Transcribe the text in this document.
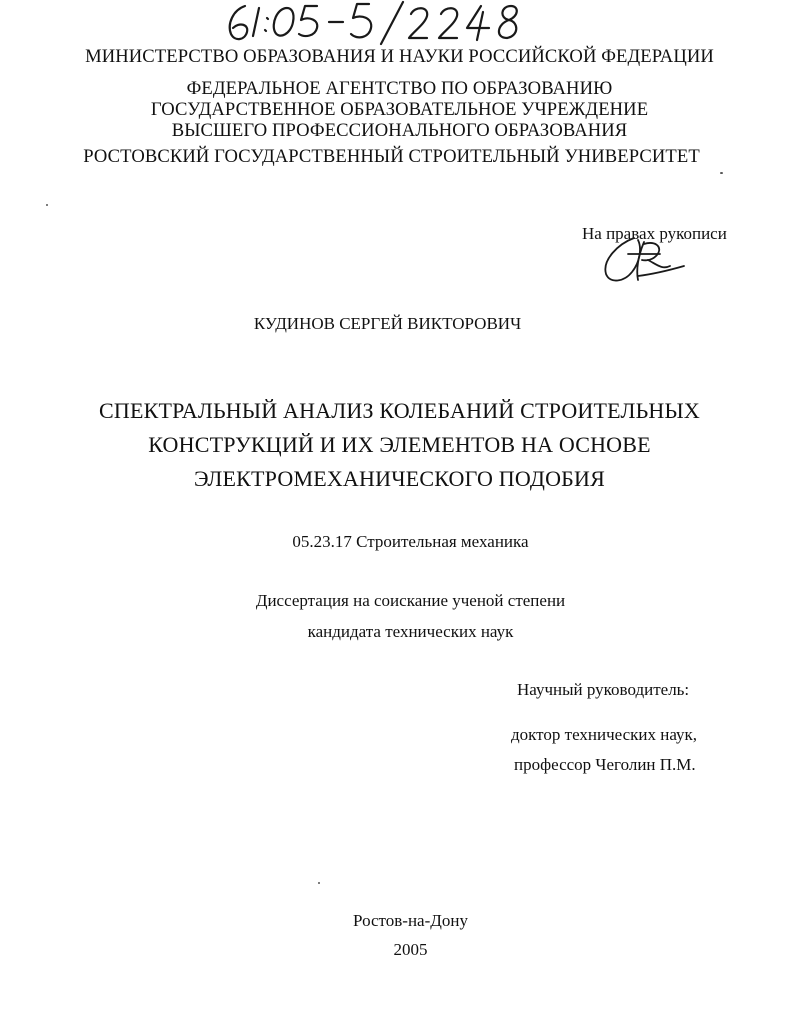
МИНИСТЕРСТВО ОБРАЗОВАНИЯ И НАУКИ РОССИЙСКОЙ ФЕДЕРАЦИИ
ФЕДЕРАЛЬНОЕ АГЕНТСТВО ПО ОБРАЗОВАНИЮ
ГОСУДАРСТВЕННОЕ ОБРАЗОВАТЕЛЬНОЕ УЧРЕЖДЕНИЕ
ВЫСШЕГО ПРОФЕССИОНАЛЬНОГО ОБРАЗОВАНИЯ
РОСТОВСКИЙ ГОСУДАРСТВЕННЫЙ СТРОИТЕЛЬНЫЙ УНИВЕРСИТЕТ
На правах рукописи
КУДИНОВ СЕРГЕЙ ВИКТОРОВИЧ
СПЕКТРАЛЬНЫЙ АНАЛИЗ КОЛЕБАНИЙ СТРОИТЕЛЬНЫХ
КОНСТРУКЦИЙ И ИХ ЭЛЕМЕНТОВ НА ОСНОВЕ
ЭЛЕКТРОМЕХАНИЧЕСКОГО ПОДОБИЯ
05.23.17 Строительная механика
Диссертация на соискание ученой степени
кандидата технических наук
Научный руководитель:
доктор технических наук,
профессор Чеголин П.М.
Ростов-на-Дону
2005
